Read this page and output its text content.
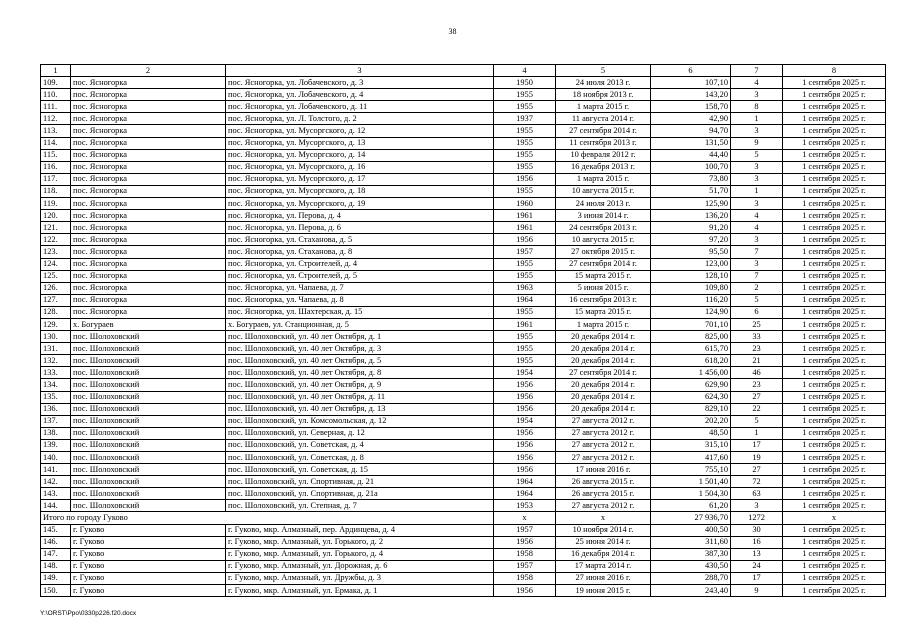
38
1	2	3	4	5	6	7	8
109.	пос. Ясногорка	пос. Ясногорка, ул. Лобачевского, д. 3	1950	24 июля 2013 г.	107,10	4	1 сентября 2025 г.
110.	пос. Ясногорка	пос. Ясногорка, ул. Лобачевского, д. 4	1955	18 ноября 2013 г.	143,20	3	1 сентября 2025 г.
111.	пос. Ясногорка	пос. Ясногорка, ул. Лобачевского, д. 11	1955	1 марта 2015 г.	158,70	8	1 сентября 2025 г.
112.	пос. Ясногорка	пос. Ясногорка, ул. Л. Толстого, д. 2	1937	11 августа 2014 г.	42,90	1	1 сентября 2025 г.
113.	пос. Ясногорка	пос. Ясногорка, ул. Мусоргского, д. 12	1955	27 сентября 2014 г.	94,70	3	1 сентября 2025 г.
114.	пос. Ясногорка	пос. Ясногорка, ул. Мусоргского, д. 13	1955	11 сентября 2013 г.	131,50	9	1 сентября 2025 г.
115.	пос. Ясногорка	пос. Ясногорка, ул. Мусоргского, д. 14	1955	10 февраля 2012 г.	44,40	5	1 сентября 2025 г.
116.	пос. Ясногорка	пос. Ясногорка, ул. Мусоргского, д. 16	1955	16 декабря 2013 г.	100,70	3	1 сентября 2025 г.
117.	пос. Ясногорка	пос. Ясногорка, ул. Мусоргского, д. 17	1956	1 марта 2015 г.	73,80	3	1 сентября 2025 г.
118.	пос. Ясногорка	пос. Ясногорка, ул. Мусоргского, д. 18	1955	10 августа 2015 г.	51,70	1	1 сентября 2025 г.
119.	пос. Ясногорка	пос. Ясногорка, ул. Мусоргского, д. 19	1960	24 июля 2013 г.	125,90	3	1 сентября 2025 г.
120.	пос. Ясногорка	пос. Ясногорка, ул. Перова, д. 4	1961	3 июня 2014 г.	136,20	4	1 сентября 2025 г.
121.	пос. Ясногорка	пос. Ясногорка, ул. Перова, д. 6	1961	24 сентября 2013 г.	91,20	4	1 сентября 2025 г.
122.	пос. Ясногорка	пос. Ясногорка, ул. Стаханова, д. 5	1956	10 августа 2015 г.	97,20	3	1 сентября 2025 г.
123.	пос. Ясногорка	пос. Ясногорка, ул. Стаханова, д. 8	1957	27 октября 2015 г.	95,50	7	1 сентября 2025 г.
124.	пос. Ясногорка	пос. Ясногорка, ул. Строителей, д. 4	1955	27 сентября 2014 г.	123,00	3	1 сентября 2025 г.
125.	пос. Ясногорка	пос. Ясногорка, ул. Строителей, д. 5	1955	15 марта 2015 г.	128,10	7	1 сентября 2025 г.
126.	пос. Ясногорка	пос. Ясногорка, ул. Чапаева, д. 7	1963	5 июня 2015 г.	109,80	2	1 сентября 2025 г.
127.	пос. Ясногорка	пос. Ясногорка, ул. Чапаева, д. 8	1964	16 сентября 2013 г.	116,20	5	1 сентября 2025 г.
128.	пос. Ясногорка	пос. Ясногорка, ул. Шахтерская, д. 15	1955	15 марта 2015 г.	124,90	6	1 сентября 2025 г.
129.	х. Богураев	х. Богураев, ул. Станционная, д. 5	1961	1 марта 2015 г.	701,10	25	1 сентября 2025 г.
130.	пос. Шолоховский	пос. Шолоховский, ул. 40 лет Октября, д. 1	1955	20 декабря 2014 г.	825,00	33	1 сентября 2025 г.
131.	пос. Шолоховский	пос. Шолоховский, ул. 40 лет Октября, д. 3	1955	20 декабря 2014 г.	615,70	23	1 сентября 2025 г.
132.	пос. Шолоховский	пос. Шолоховский, ул. 40 лет Октября, д. 5	1955	20 декабря 2014 г.	618,20	21	1 сентября 2025 г.
133.	пос. Шолоховский	пос. Шолоховский, ул. 40 лет Октября, д. 8	1954	27 сентября 2014 г.	1 456,00	46	1 сентября 2025 г.
134.	пос. Шолоховский	пос. Шолоховский, ул. 40 лет Октября, д. 9	1956	20 декабря 2014 г.	629,90	23	1 сентября 2025 г.
135.	пос. Шолоховский	пос. Шолоховский, ул. 40 лет Октября, д. 11	1956	20 декабря 2014 г.	624,30	27	1 сентября 2025 г.
136.	пос. Шолоховский	пос. Шолоховский, ул. 40 лет Октября, д. 13	1956	20 декабря 2014 г.	829,10	22	1 сентября 2025 г.
137.	пос. Шолоховский	пос. Шолоховский, ул. Комсомольская, д. 12	1954	27 августа 2012 г.	202,20	5	1 сентября 2025 г.
138.	пос. Шолоховский	пос. Шолоховский, ул. Северная, д. 12	1956	27 августа 2012 г.	48,50	1	1 сентября 2025 г.
139.	пос. Шолоховский	пос. Шолоховский, ул. Советская, д. 4	1956	27 августа 2012 г.	315,10	17	1 сентября 2025 г.
140.	пос. Шолоховский	пос. Шолоховский, ул. Советская, д. 8	1956	27 августа 2012 г.	417,60	19	1 сентября 2025 г.
141.	пос. Шолоховский	пос. Шолоховский, ул. Советская, д. 15	1956	17 июня 2016 г.	755,10	27	1 сентября 2025 г.
142.	пос. Шолоховский	пос. Шолоховский, ул. Спортивная, д. 21	1964	26 августа 2015 г.	1 501,40	72	1 сентября 2025 г.
143.	пос. Шолоховский	пос. Шолоховский, ул. Спортивная, д. 21а	1964	26 августа 2015 г.	1 504,30	63	1 сентября 2025 г.
144.	пос. Шолоховский	пос. Шолоховский, ул. Степная, д. 7	1953	27 августа 2012 г.	61,20	3	1 сентября 2025 г.
Итого по городу Гуково			x	x	27 936,70	1272	x
145.	г. Гуково	г. Гуково, мкр. Алмазный, пер. Ардинцева, д. 4	1957	10 ноября 2014 г.	400,50	30	1 сентября 2025 г.
146.	г. Гуково	г. Гуково, мкр. Алмазный, ул. Горького, д. 2	1956	25 июня 2014 г.	311,60	16	1 сентября 2025 г.
147.	г. Гуково	г. Гуково, мкр. Алмазный, ул. Горького, д. 4	1958	16 декабря 2014 г.	387,30	13	1 сентября 2025 г.
148.	г. Гуково	г. Гуково, мкр. Алмазный, ул. Дорожная, д. 6	1957	17 марта 2014 г.	430,50	24	1 сентября 2025 г.
149.	г. Гуково	г. Гуково, мкр. Алмазный, ул. Дружбы, д. 3	1958	27 июня 2016 г.	288,70	17	1 сентября 2025 г.
150.	г. Гуково	г. Гуково, мкр. Алмазный, ул. Ермака, д. 1	1956	19 июня 2015 г.	243,40	9	1 сентября 2025 г.
Y:\ORST\Ppo\0330p226.f20.docx
